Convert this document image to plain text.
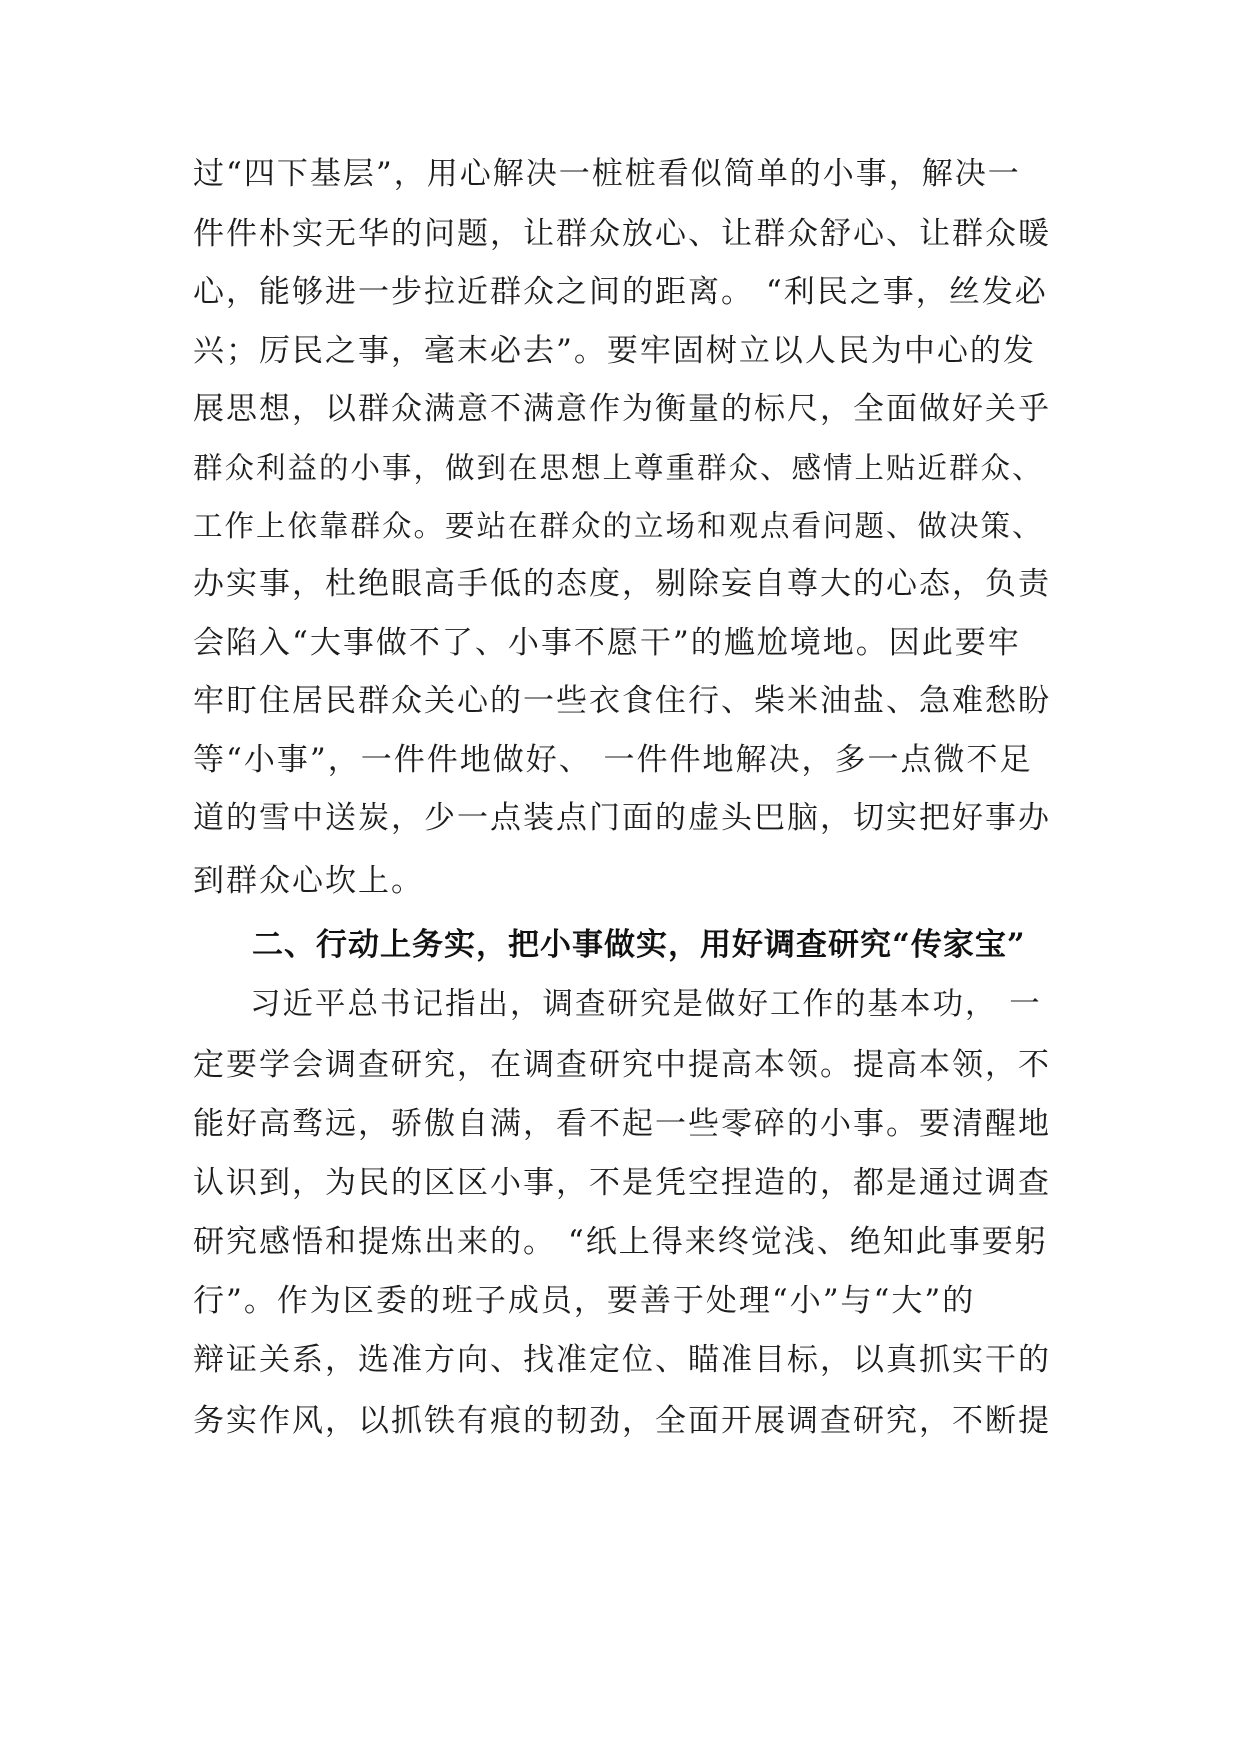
过“四下基层”，用心解决一桩桩看似简单的小事，解决一
件件朴实无华的问题，让群众放心、让群众舒心、让群众暖
心，能够进一步拉近群众之间的距离。 “利民之事，丝发必
兴；厉民之事，毫末必去”。要牢固树立以人民为中心的发
展思想，以群众满意不满意作为衡量的标尺，全面做好关乎
群众利益的小事，做到在思想上尊重群众、感情上贴近群众、
工作上依靠群众。要站在群众的立场和观点看问题、做决策、
办实事，杜绝眼高手低的态度，剔除妄自尊大的心态，负责
会陷入“大事做不了、小事不愿干”的尴尬境地。因此要牢
牢盯住居民群众关心的一些衣食住行、柴米油盐、急难愁盼
等“小事”，一件件地做好、 一件件地解决，多一点微不足
道的雪中送炭，少一点装点门面的虚头巴脑，切实把好事办
到群众心坎上。
二、行动上务实，把小事做实，用好调查研究“传家宝”
习近平总书记指出，调查研究是做好工作的基本功， 一
定要学会调查研究，在调查研究中提高本领。提高本领，不
能好高骛远，骄傲自满，看不起一些零碎的小事。要清醒地
认识到，为民的区区小事，不是凭空捏造的，都是通过调查
研究感悟和提炼出来的。 “纸上得来终觉浅、绝知此事要躬
行”。作为区委的班子成员，要善于处理“小”与“大”的
辩证关系，选准方向、找准定位、瞄准目标，以真抓实干的
务实作风，以抓铁有痕的韧劲，全面开展调查研究，不断提
